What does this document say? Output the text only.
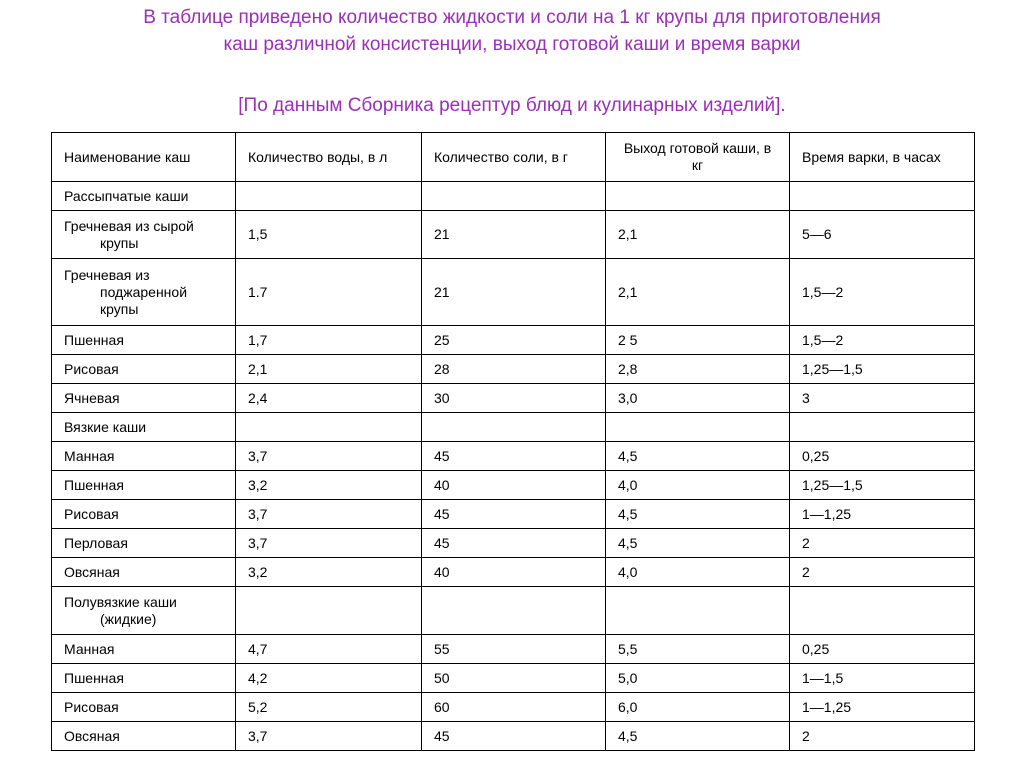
В таблице приведено количество жидкости и соли на 1 кг крупы для приготовления
каш различной консистенции, выход готовой каши и время варки
[По данным Сборника рецептур блюд и кулинарных изделий].
Наименование каш	Количество воды, в л	Количество соли, в г	Выход готовой каши, в
кг	Время варки, в часах

Рассыпчатые каши				

Гречневая из сырой
крупы	1,5	21	2,1	5—6

Гречневая из
поджаренной
крупы	1.7	21	2,1	1,5—2

Пшенная	1,7	25	2 5	1,5—2

Рисовая	2,1	28	2,8	1,25—1,5

Ячневая	2,4	30	3,0	3

Вязкие каши				

Манная	3,7	45	4,5	0,25

Пшенная	3,2	40	4,0	1,25—1,5

Рисовая	3,7	45	4,5	1—1,25

Перловая	3,7	45	4,5	2

Овсяная	3,2	40	4,0	2

Полувязкие каши
(жидкие)				

Манная	4,7	55	5,5	0,25

Пшенная	4,2	50	5,0	1—1,5

Рисовая	5,2	60	6,0	1—1,25

Овсяная	3,7	45	4,5	2
